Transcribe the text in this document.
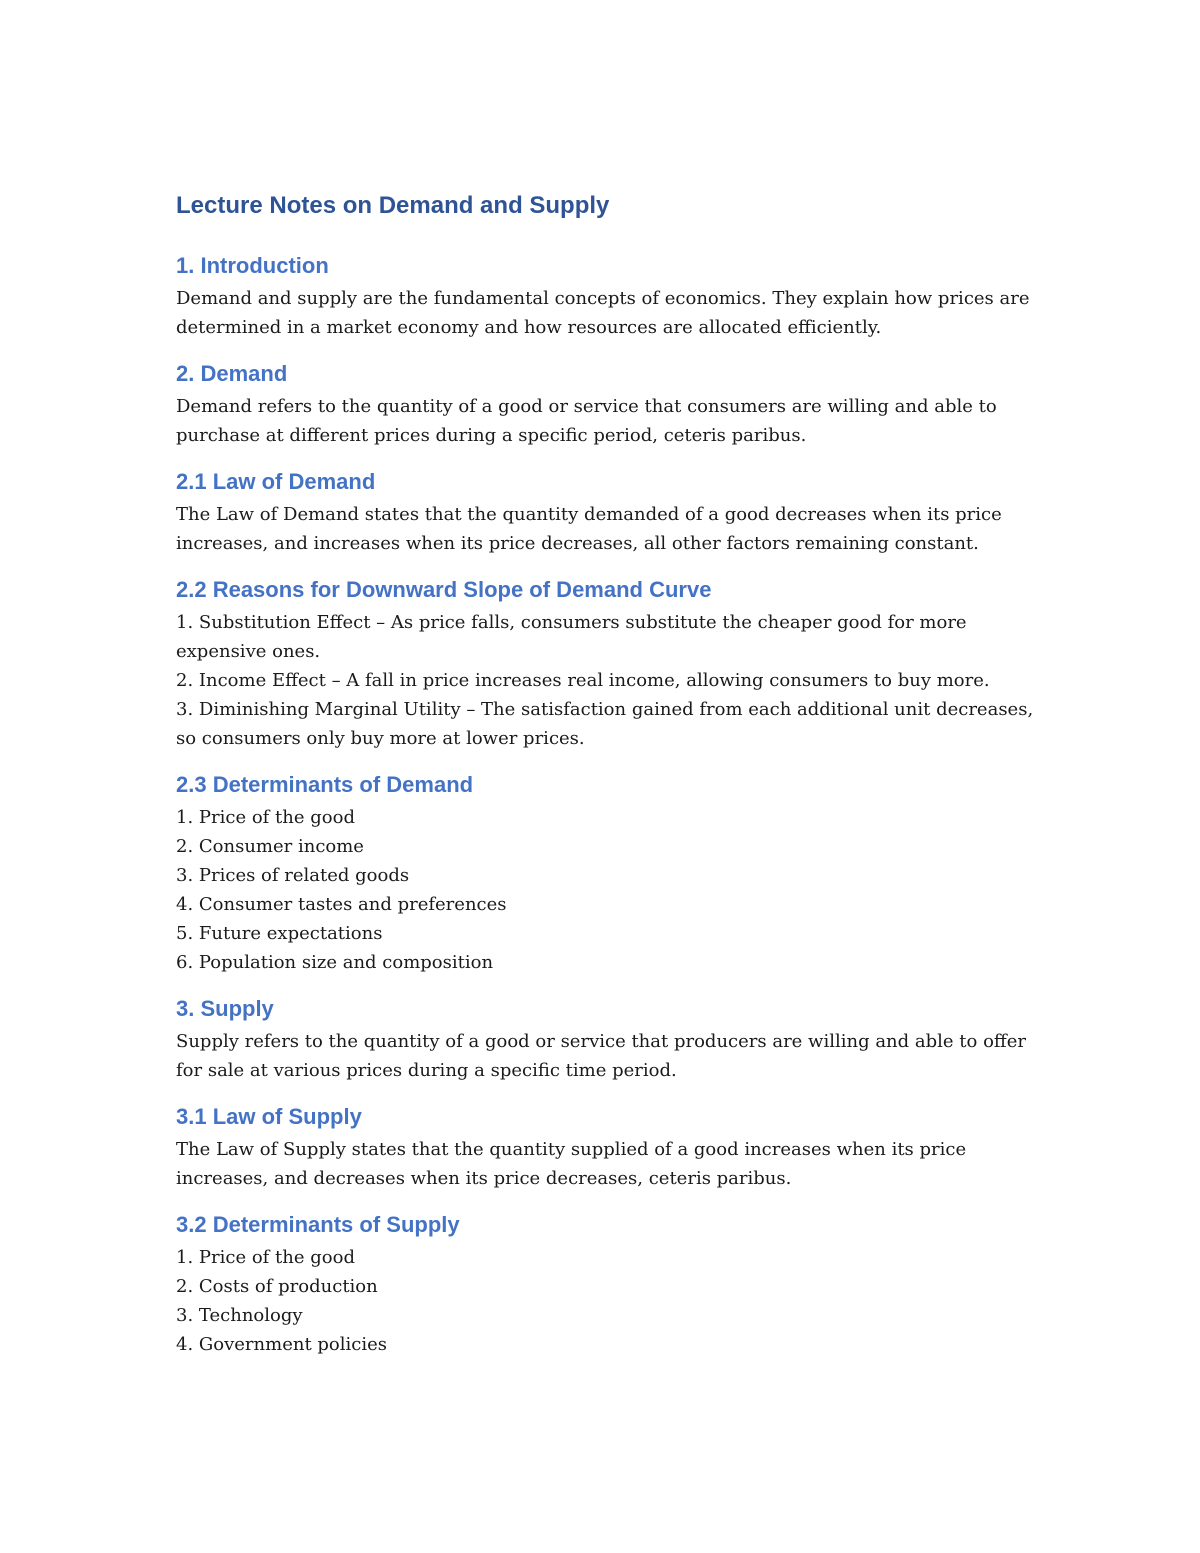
Lecture Notes on Demand and Supply
1. Introduction

Demand and supply are the fundamental concepts of economics. They explain how prices are determined in a market economy and how resources are allocated efficiently.

2. Demand

Demand refers to the quantity of a good or service that consumers are willing and able to purchase at different prices during a specific period, ceteris paribus.

2.1 Law of Demand

The Law of Demand states that the quantity demanded of a good decreases when its price increases, and increases when its price decreases, all other factors remaining constant.

2.2 Reasons for Downward Slope of Demand Curve
1. Substitution Effect – As price falls, consumers substitute the cheaper good for more expensive ones.
2. Income Effect – A fall in price increases real income, allowing consumers to buy more.
3. Diminishing Marginal Utility – The satisfaction gained from each additional unit decreases, so consumers only buy more at lower prices.
2.3 Determinants of Demand
1. Price of the good
2. Consumer income
3. Prices of related goods
4. Consumer tastes and preferences
5. Future expectations
6. Population size and composition
3. Supply

Supply refers to the quantity of a good or service that producers are willing and able to offer for sale at various prices during a specific time period.

3.1 Law of Supply

The Law of Supply states that the quantity supplied of a good increases when its price increases, and decreases when its price decreases, ceteris paribus.

3.2 Determinants of Supply
1. Price of the good
2. Costs of production
3. Technology
4. Government policies
